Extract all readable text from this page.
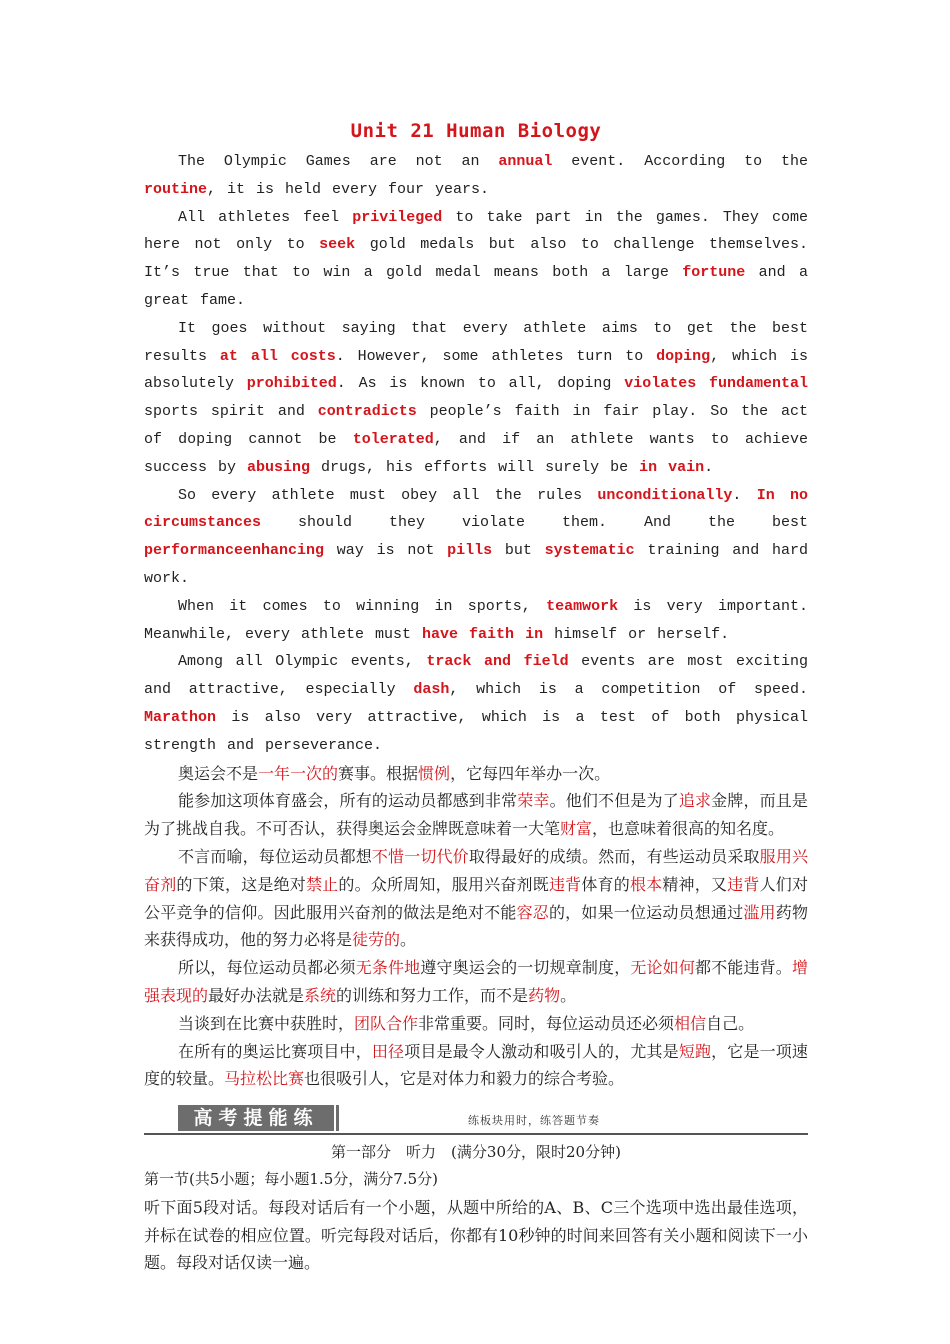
Unit 21 Human Biology

The Olympic Games are not an annual event. According to the routine, it is held every four years.

All athletes feel privileged to take part in the games. They come here not only to seek gold medals but also to challenge themselves. It’s true that to win a gold medal means both a large fortune and a great fame.

It goes without saying that every athlete aims to get the best results at all costs. However, some athletes turn to doping, which is absolutely prohibited. As is known to all, doping violates fundamental sports spirit and contradicts people’s faith in fair play. So the act of doping cannot be tolerated, and if an athlete wants to achieve success by abusing drugs, his efforts will surely be in vain.

So every athlete must obey all the rules unconditionally. In no circumstances should they violate them. And the best performanceenhancing way is not pills but systematic training and hard work.

When it comes to winning in sports, teamwork is very important. Meanwhile, every athlete must have faith in himself or herself.

Among all Olympic events, track and field events are most exciting and attractive, especially dash, which is a competition of speed. Marathon is also very attractive, which is a test of both physical strength and perseverance.

奥运会不是一年一次的赛事。根据惯例，它每四年举办一次。

能参加这项体育盛会，所有的运动员都感到非常荣幸。他们不但是为了追求金牌，而且是为了挑战自我。不可否认，获得奥运会金牌既意味着一大笔财富，也意味着很高的知名度。

不言而喻，每位运动员都想不惜一切代价取得最好的成绩。然而，有些运动员采取服用兴奋剂的下策，这是绝对禁止的。众所周知，服用兴奋剂既违背体育的根本精神，又违背人们对公平竞争的信仰。因此服用兴奋剂的做法是绝对不能容忍的，如果一位运动员想通过滥用药物来获得成功，他的努力必将是徒劳的。

所以，每位运动员都必须无条件地遵守奥运会的一切规章制度，无论如何都不能违背。增强表现的最好办法就是系统的训练和努力工作，而不是药物。

当谈到在比赛中获胜时，团队合作非常重要。同时，每位运动员还必须相信自己。

在所有的奥运比赛项目中，田径项目是最令人激动和吸引人的，尤其是短跑，它是一项速度的较量。马拉松比赛也很吸引人，它是对体力和毅力的综合考验。

高考提能练	练板块用时，练答题节奏

第一部分　听力　(满分30分，限时20分钟)

第一节(共5小题；每小题1.5分，满分7.5分)

听下面5段对话。每段对话后有一个小题，从题中所给的A、B、C三个选项中选出最佳选项，并标在试卷的相应位置。听完每段对话后，你都有10秒钟的时间来回答有关小题和阅读下一小题。每段对话仅读一遍。
